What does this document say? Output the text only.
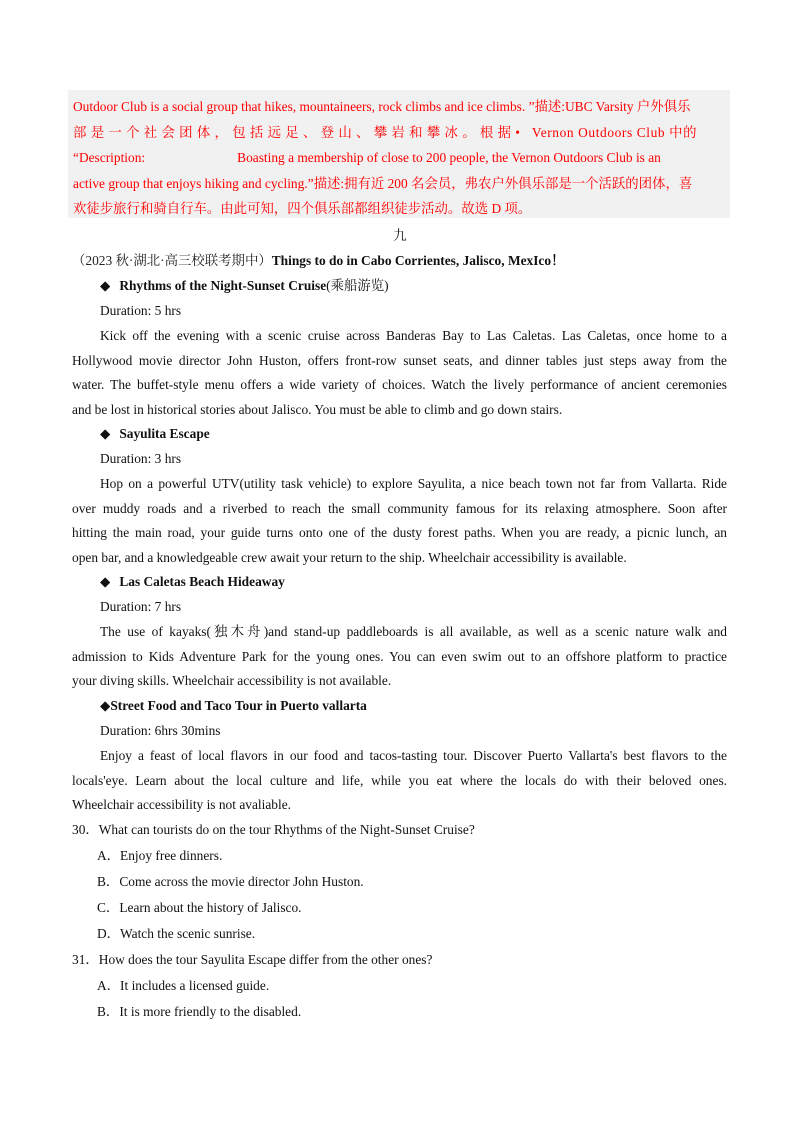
Outdoor Club is a social group that hikes, mountaineers, rock climbs and ice climbs. ”描述:UBC Varsity 户外俱乐

部是一个社会团体，包括远足、登山、攀岩和攀冰。根据• Vernon Outdoors Club 中的

“Description:	Boasting a membership of close to 200 people, the Vernon Outdoors Club is an

active group that enjoys hiking and cycling.”描述:拥有近 200 名会员，弗农户外俱乐部是一个活跃的团体，喜

欢徒步旅行和骑自行车。由此可知，四个俱乐部都组织徒步活动。故选 D 项。

九
（2023 秋·湖北·高三校联考期中）Things to do in Cabo Corrientes, Jalisco, MexIco！
◆ Rhythms of the Night-Sunset Cruise(乘船游览)
Duration: 5 hrs
Kick off the evening with a scenic cruise across Banderas Bay to Las Caletas. Las Caletas, once home to a
Hollywood movie director John Huston, offers front-row sunset seats, and dinner tables just steps away from the
water. The buffet-style menu offers a wide variety of choices. Watch the lively performance of ancient ceremonies
and be lost in historical stories about Jalisco. You must be able to climb and go down stairs.
◆ Sayulita Escape
Duration: 3 hrs
Hop on a powerful UTV(utility task vehicle) to explore Sayulita, a nice beach town not far from Vallarta. Ride
over muddy roads and a riverbed to reach the small community famous for its relaxing atmosphere. Soon after
hitting the main road, your guide turns onto one of the dusty forest paths. When you are ready, a picnic lunch, an
open bar, and a knowledgeable crew await your return to the ship. Wheelchair accessibility is available.
◆ Las Caletas Beach Hideaway
Duration: 7 hrs
The use of kayaks(独木舟)and stand-up paddleboards is all available, as well as a scenic nature walk and
admission to Kids Adventure Park for the young ones. You can even swim out to an offshore platform to practice
your diving skills. Wheelchair accessibility is not available.
◆Street Food and Taco Tour in Puerto vallarta
Duration: 6hrs 30mins
Enjoy a feast of local flavors in our food and tacos-tasting tour. Discover Puerto Vallarta's best flavors to the
locals'eye. Learn about the local culture and life, while you eat where the locals do with their beloved ones.
Wheelchair accessibility is not avaliable.
30．What can tourists do on the tour Rhythms of the Night-Sunset Cruise?
A．Enjoy free dinners.
B．Come across the movie director John Huston.
C．Learn about the history of Jalisco.
D．Watch the scenic sunrise.
31．How does the tour Sayulita Escape differ from the other ones?
A．It includes a licensed guide.
B．It is more friendly to the disabled.
